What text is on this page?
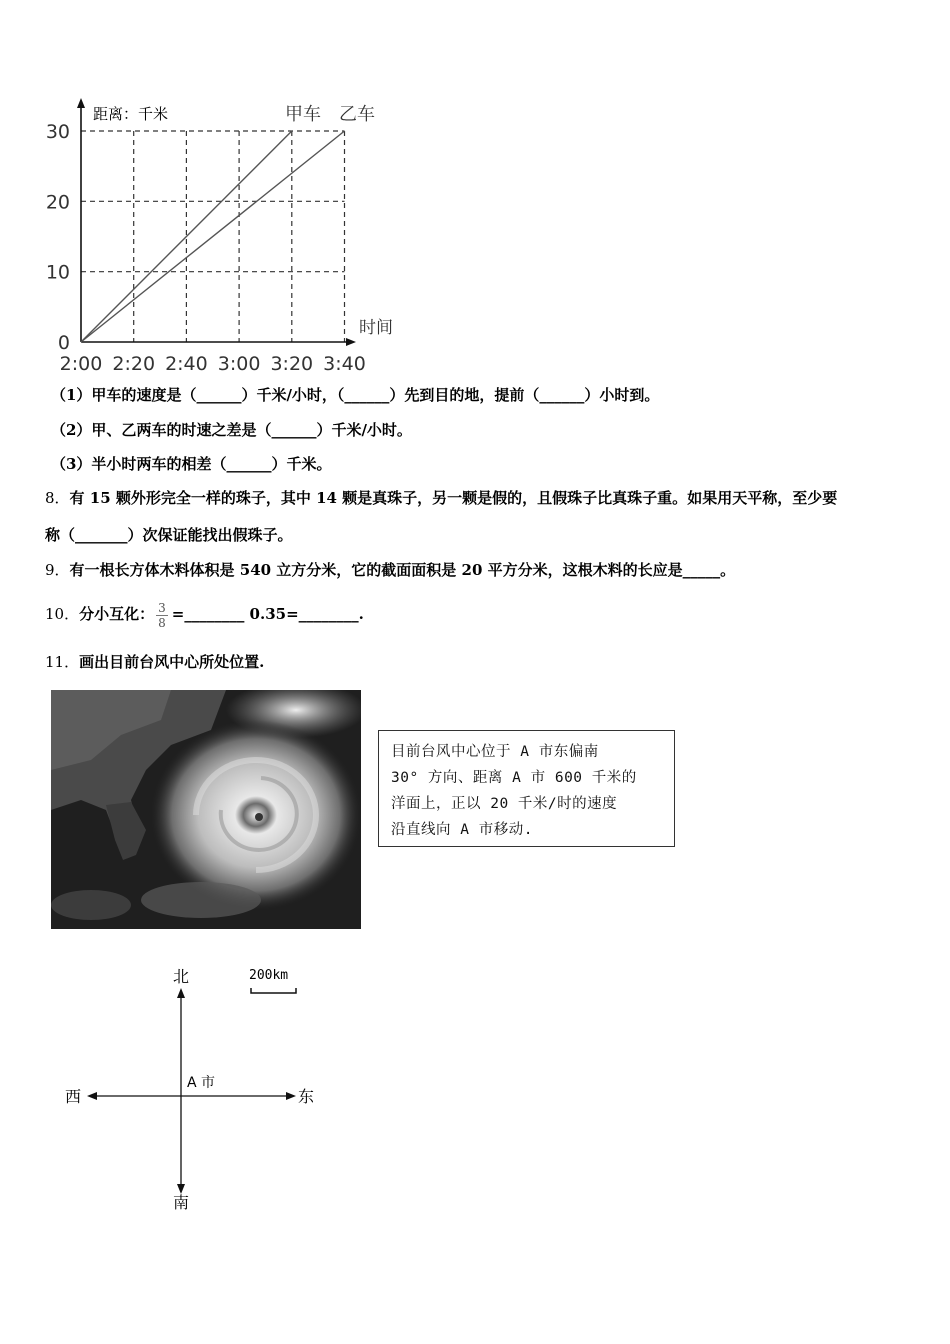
0
10
20
30
2:00 2:20 2:40 3:00 3:20 3:40
距离：千米
时间
甲车 乙车
（1）甲车的速度是（______）千米/小时，（______）先到目的地，提前（______）小时到。
（2）甲、乙两车的时速之差是（______）千米/小时。
（3）半小时两车的相差（______）千米。
8．有 15 颗外形完全一样的珠子，其中 14 颗是真珠子，另一颗是假的，且假珠子比真珠子重。如果用天平称，至少要
称（_______）次保证能找出假珠子。
9．有一根长方体木料体积是 540 立方分米，它的截面面积是 20 平方分米，这根木料的长应是_____。
10．分小互化： $\frac{3}{8}$ =________ 0.35=________.
11．画出目前台风中心所处位置.
目前台风中心位于 A 市东偏南
30° 方向、距离 A 市 600 千米的
洋面上，正以 20 千米/时的速度
沿直线向 A 市移动.
北
南
西	东
A 市
200km
